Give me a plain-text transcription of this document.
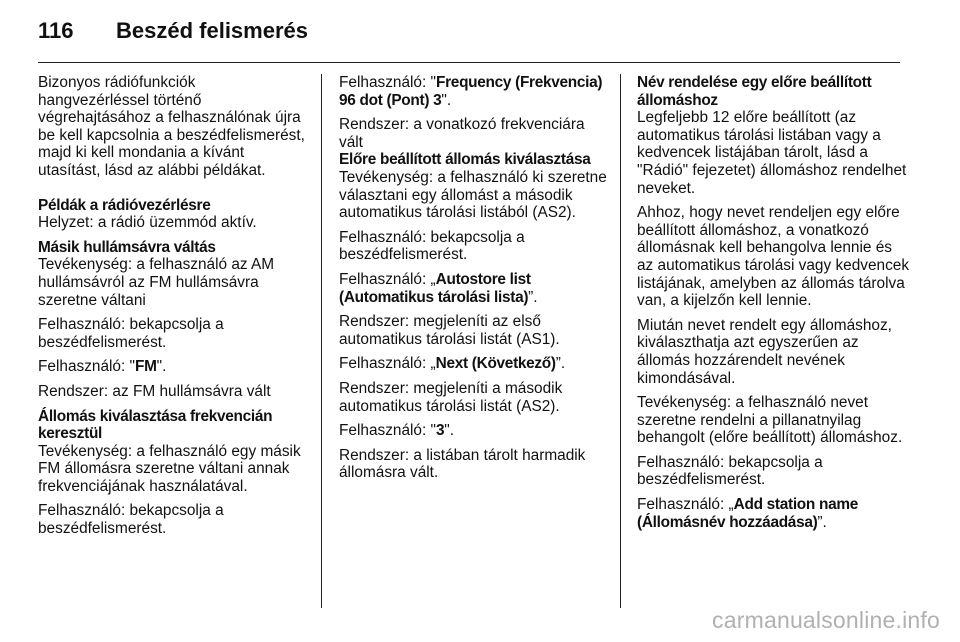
116	Beszéd felismerés

Bizonyos rádiófunkciók hangvezérléssel történő végrehajtásához a felhasználónak újra be kell kapcsolnia a beszédfelismerést, majd ki kell mondania a kívánt utasítást, lásd az alábbi példákat.

Példák a rádióvezérlésre

Helyzet: a rádió üzemmód aktív.

Másik hullámsávra váltás

Tevékenység: a felhasználó az AM hullámsávról az FM hullámsávra szeretne váltani

Felhasználó: bekapcsolja a beszédfelismerést.

Felhasználó: "FM".

Rendszer: az FM hullámsávra vált

Állomás kiválasztása frekvencián keresztül

Tevékenység: a felhasználó egy másik FM állomásra szeretne váltani annak frekvenciájának használatával.

Felhasználó: bekapcsolja a beszédfelismerést.

Felhasználó: "Frequency (Frekvencia) 96 dot (Pont) 3".

Rendszer: a vonatkozó frekvenciára vált

Előre beállított állomás kiválasztása

Tevékenység: a felhasználó ki szeretne választani egy állomást a második automatikus tárolási listából (AS2).

Felhasználó: bekapcsolja a beszédfelismerést.

Felhasználó: „Autostore list (Automatikus tárolási lista)”.

Rendszer: megjeleníti az első automatikus tárolási listát (AS1).

Felhasználó: „Next (Következő)”.

Rendszer: megjeleníti a második automatikus tárolási listát (AS2).

Felhasználó: "3".

Rendszer: a listában tárolt harmadik állomásra vált.

Név rendelése egy előre beállított állomáshoz

Legfeljebb 12 előre beállított (az automatikus tárolási listában vagy a kedvencek listájában tárolt, lásd a "Rádió" fejezetet) állomáshoz rendelhet neveket.

Ahhoz, hogy nevet rendeljen egy előre beállított állomáshoz, a vonatkozó állomásnak kell behangolva lennie és az automatikus tárolási vagy kedvencek listájának, amelyben az állomás tárolva van, a kijelzőn kell lennie.

Miután nevet rendelt egy állomáshoz, kiválaszthatja azt egyszerűen az állomás hozzárendelt nevének kimondásával.

Tevékenység: a felhasználó nevet szeretne rendelni a pillanatnyilag behangolt (előre beállított) állomáshoz.

Felhasználó: bekapcsolja a beszédfelismerést.

Felhasználó: „Add station name (Állomásnév hozzáadása)”.

carmanualsonline.info
